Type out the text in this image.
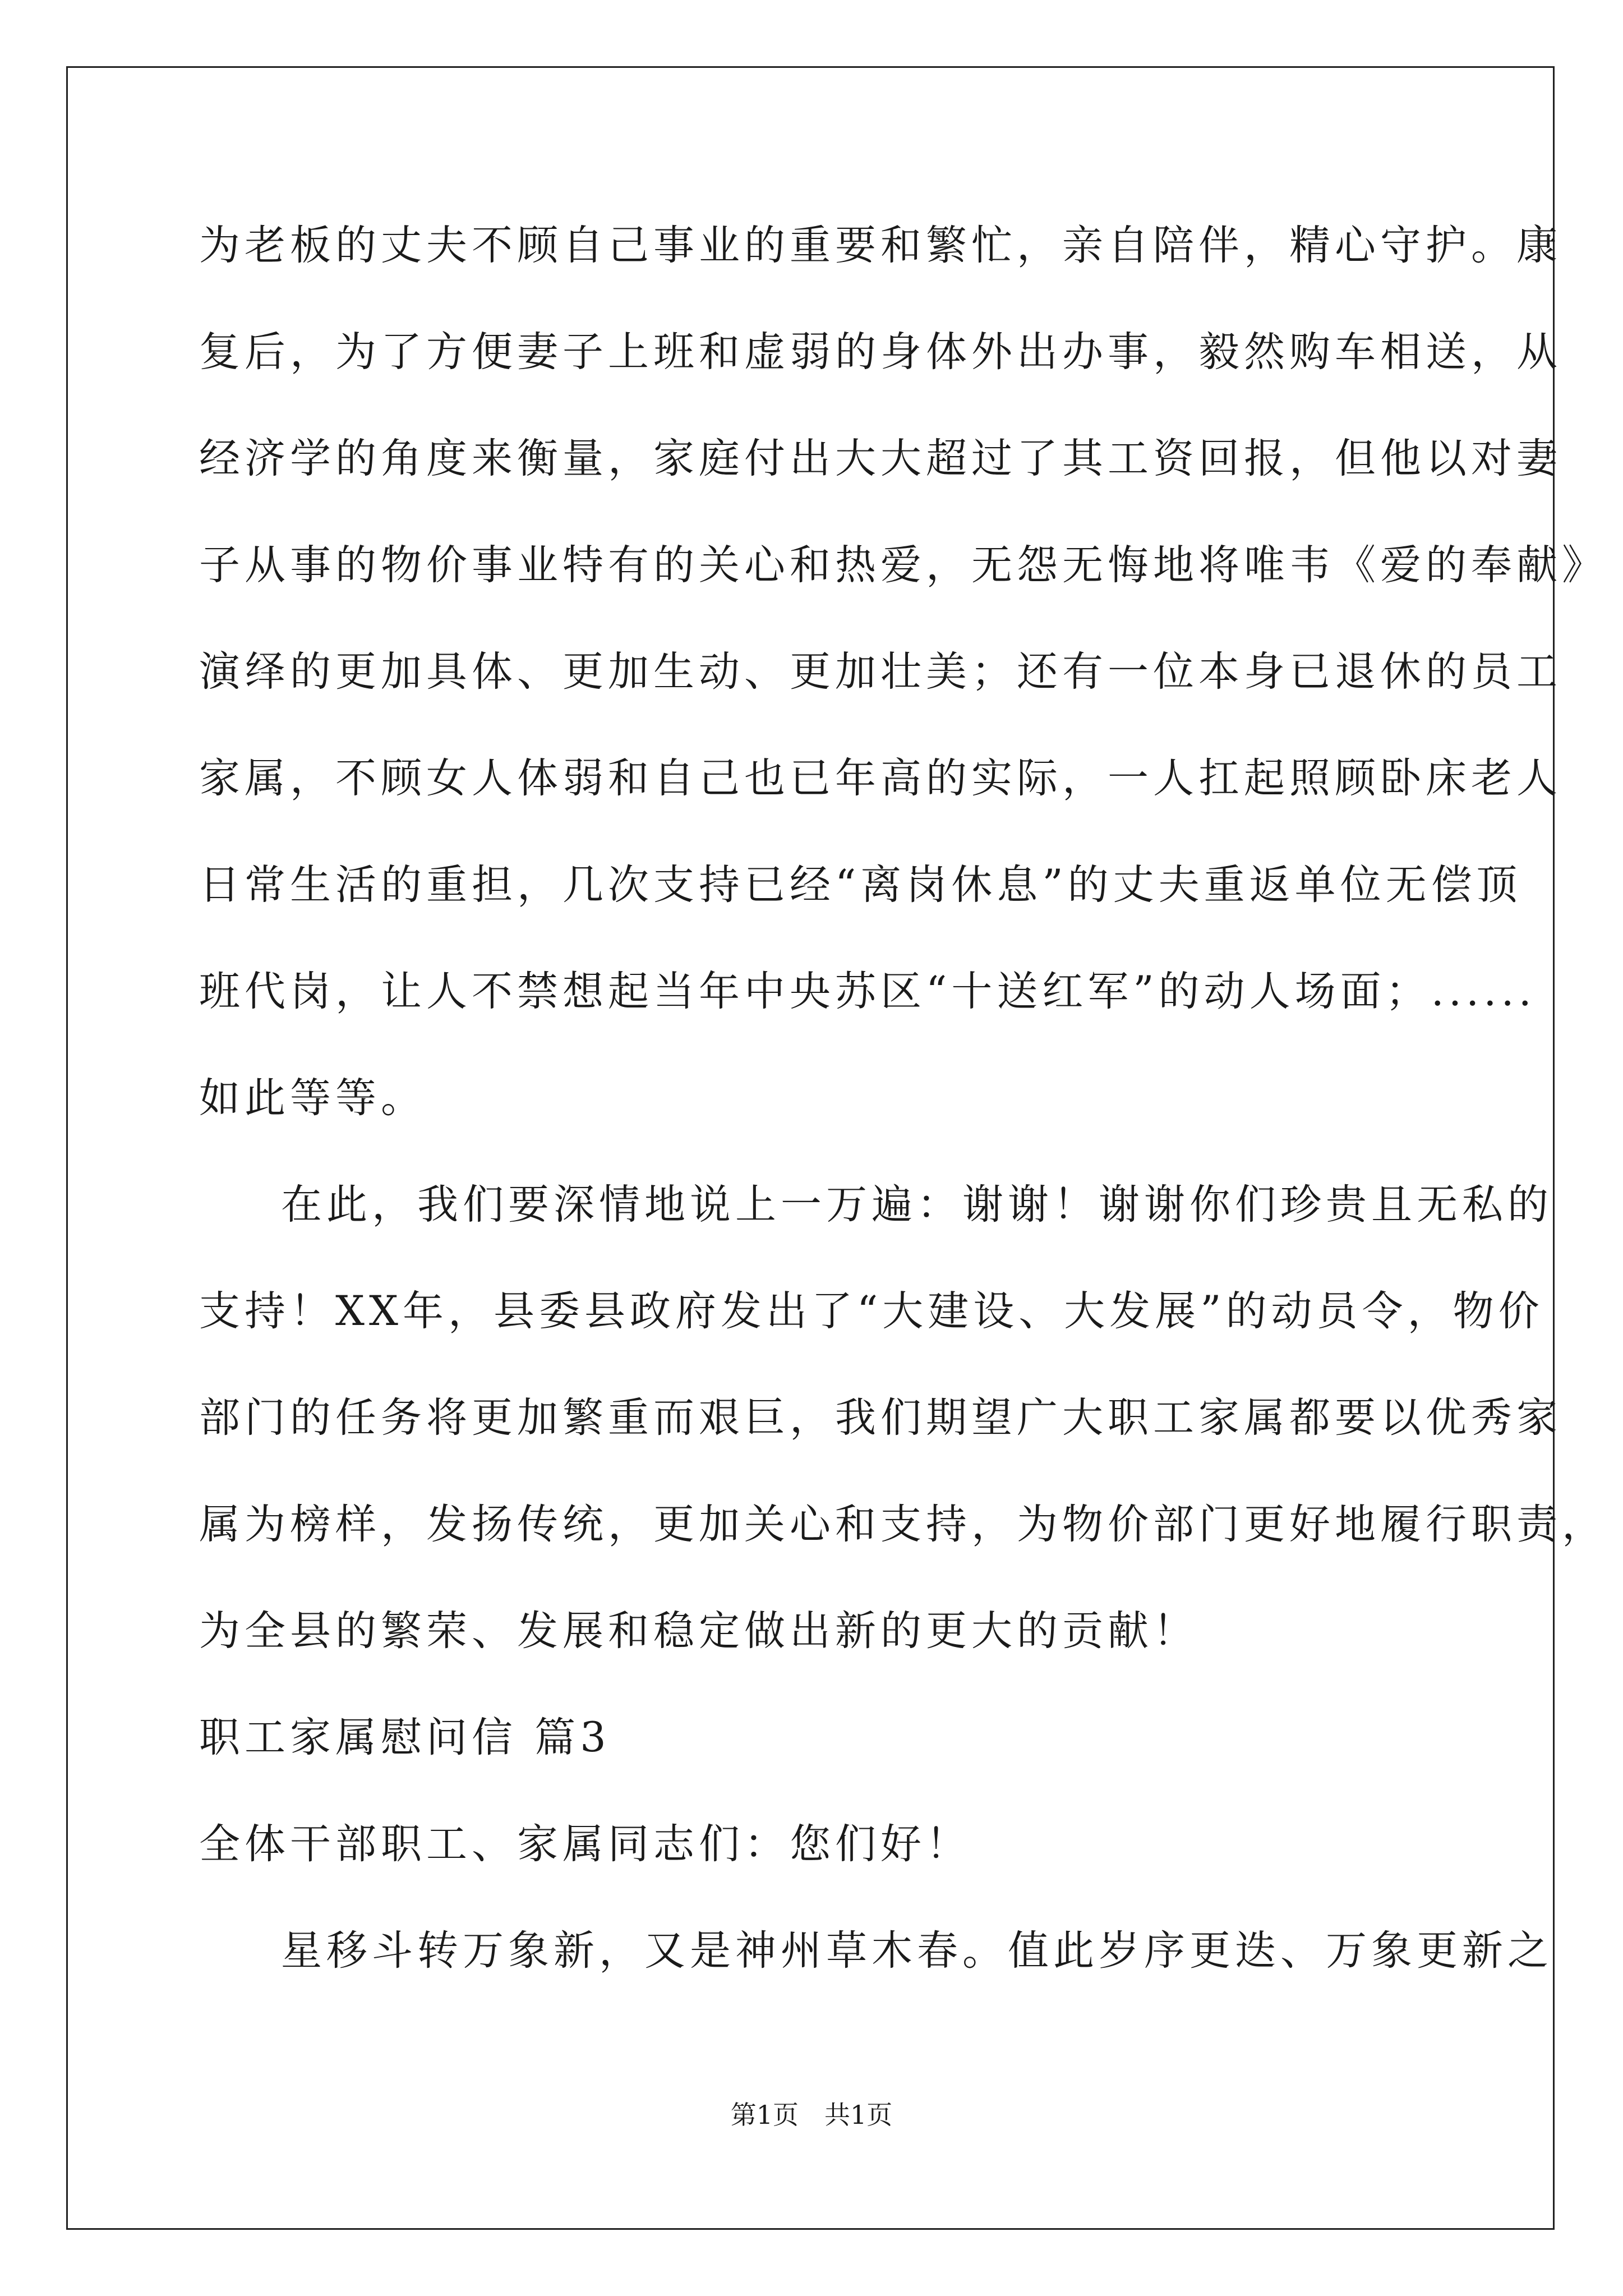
为老板的丈夫不顾自己事业的重要和繁忙，亲自陪伴，精心守护。康
复后，为了方便妻子上班和虚弱的身体外出办事，毅然购车相送，从
经济学的角度来衡量，家庭付出大大超过了其工资回报，但他以对妻
子从事的物价事业特有的关心和热爱，无怨无悔地将唯韦《爱的奉献》
演绎的更加具体、更加生动、更加壮美；还有一位本身已退休的员工
家属，不顾女人体弱和自己也已年高的实际，一人扛起照顾卧床老人
日常生活的重担，几次支持已经“离岗休息”的丈夫重返单位无偿顶
班代岗，让人不禁想起当年中央苏区“十送红军”的动人场面；......
如此等等。
在此，我们要深情地说上一万遍：谢谢！谢谢你们珍贵且无私的
支持！XX年，县委县政府发出了“大建设、大发展”的动员令，物价
部门的任务将更加繁重而艰巨，我们期望广大职工家属都要以优秀家
属为榜样，发扬传统，更加关心和支持，为物价部门更好地履行职责，
为全县的繁荣、发展和稳定做出新的更大的贡献！
职工家属慰问信 篇3
全体干部职工、家属同志们：您们好！
星移斗转万象新，又是神州草木春。值此岁序更迭、万象更新之
第1页　共1页
